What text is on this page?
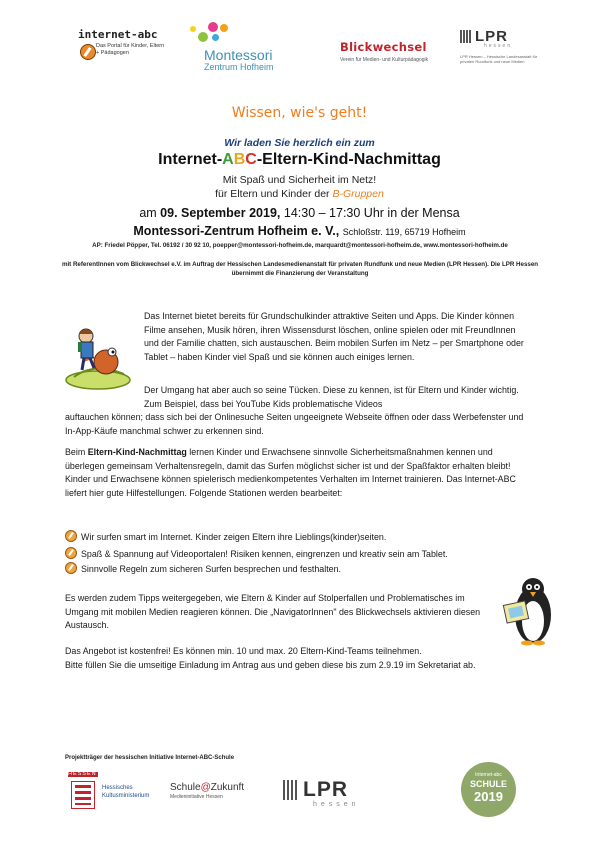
internet-abc
Das Portal für Kinder, Eltern + Pädagogen	Montessori
Zentrum Hofheim
Blickwechsel
Verein für Medien- und Kulturpädagogik
LPR
hessen
LPR Hessen – Hessische Landesanstalt für privaten Rundfunk und neue Medien
Wissen, wie's geht!
Wir laden Sie herzlich ein zum
Internet-ABC-Eltern-Kind-Nachmittag
Mit Spaß und Sicherheit im Netz!
für Eltern und Kinder der B-Gruppen
am 09. September 2019, 14:30 – 17:30 Uhr in der Mensa
Montessori-Zentrum Hofheim e. V., Schloßstr. 119, 65719 Hofheim
AP: Friedel Pöpper, Tel. 06192 / 30 92 10, poepper@montessori-hofheim.de, marquardt@montessori-hofheim.de, www.montessori-hofheim.de
mit ReferentInnen vom Blickwechsel e.V. im Auftrag der Hessischen Landesmedienanstalt für privaten Rundfunk und neue Medien (LPR Hessen). Die LPR Hessen übernimmt die Finanzierung der Veranstaltung
Das Internet bietet bereits für Grundschulkinder attraktive Seiten und Apps. Die Kinder können Filme ansehen, Musik hören, ihren Wissensdurst löschen, online spielen oder mit FreundInnen und der Familie chatten, sich austauschen. Beim mobilen Surfen im Netz – per Smartphone oder Tablet – haben Kinder viel Spaß und sie können auch einiges lernen.
Der Umgang hat aber auch so seine Tücken. Diese zu kennen, ist für Eltern und Kinder wichtig. Zum Beispiel, dass bei YouTube Kids problematische Videos
auftauchen können; dass sich bei der Onlinesuche Seiten ungeeignete Webseite öffnen oder dass Werbefenster und In-App-Käufe manchmal schwer zu erkennen sind.
Beim Eltern-Kind-Nachmittag lernen Kinder und Erwachsene sinnvolle Sicherheitsmaßnahmen kennen und überlegen gemeinsam Verhaltensregeln, damit das Surfen möglichst sicher ist und der Spaßfaktor erhalten bleibt! Kinder und Erwachsene können spielerisch medienkompetentes Verhalten im Internet trainieren. Das Internet-ABC liefert hier gute Hilfestellungen. Folgende Stationen werden bearbeitet:
Wir surfen smart im Internet. Kinder zeigen Eltern ihre Lieblings(kinder)seiten.
Spaß & Spannung auf Videoportalen! Risiken kennen, eingrenzen und kreativ sein am Tablet.
Sinnvolle Regeln zum sicheren Surfen besprechen und festhalten.
Es werden zudem Tipps weitergegeben, wie Eltern & Kinder auf Stolperfallen und Problematisches im Umgang mit mobilen Medien reagieren können. Die „NavigatorInnen" des Blickwechsels aktivieren diesen Austausch.
Das Angebot ist kostenfrei! Es können min. 10 und max. 20 Eltern-Kind-Teams teilnehmen.
Bitte füllen Sie die umseitige Einladung im Antrag aus und geben diese bis zum 2.9.19 im Sekretariat ab.
Projektträger der hessischen Initiative Internet-ABC-Schule
HESSEN
Hessisches
Kultusministerium
Schule@Zukunft
Medieninitiative Hessen	LPR
hessen
Internet-abc
SCHULE
2019
